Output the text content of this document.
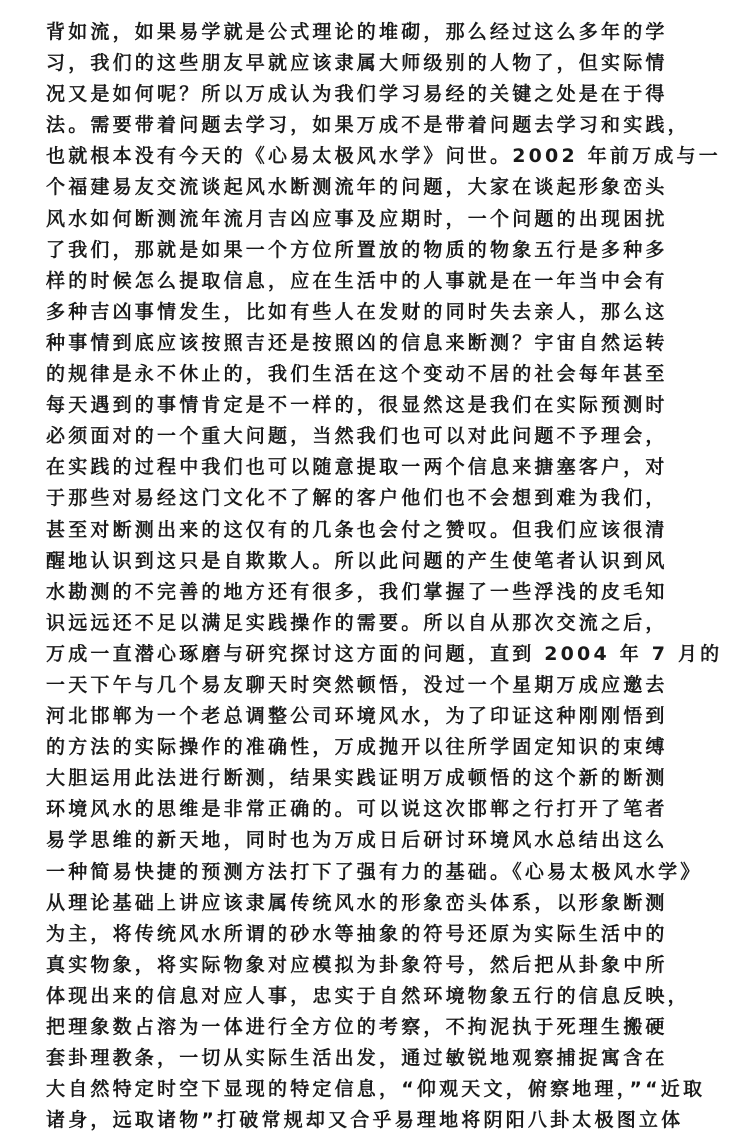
背如流，如果易学就是公式理论的堆砌，那么经过这么多年的学
习，我们的这些朋友早就应该隶属大师级别的人物了，但实际情
况又是如何呢？所以万成认为我们学习易经的关键之处是在于得
法。需要带着问题去学习，如果万成不是带着问题去学习和实践，
也就根本没有今天的《心易太极风水学》问世。2002 年前万成与一
个福建易友交流谈起风水断测流年的问题，大家在谈起形象峦头
风水如何断测流年流月吉凶应事及应期时，一个问题的出现困扰
了我们，那就是如果一个方位所置放的物质的物象五行是多种多
样的时候怎么提取信息，应在生活中的人事就是在一年当中会有
多种吉凶事情发生，比如有些人在发财的同时失去亲人，那么这
种事情到底应该按照吉还是按照凶的信息来断测？宇宙自然运转
的规律是永不休止的，我们生活在这个变动不居的社会每年甚至
每天遇到的事情肯定是不一样的，很显然这是我们在实际预测时
必须面对的一个重大问题，当然我们也可以对此问题不予理会，
在实践的过程中我们也可以随意提取一两个信息来搪塞客户，对
于那些对易经这门文化不了解的客户他们也不会想到难为我们，
甚至对断测出来的这仅有的几条也会付之赞叹。但我们应该很清
醒地认识到这只是自欺欺人。所以此问题的产生使笔者认识到风
水勘测的不完善的地方还有很多，我们掌握了一些浮浅的皮毛知
识远远还不足以满足实践操作的需要。所以自从那次交流之后，
万成一直潜心琢磨与研究探讨这方面的问题，直到 2004 年 7 月的
一天下午与几个易友聊天时突然顿悟，没过一个星期万成应邀去
河北邯郸为一个老总调整公司环境风水，为了印证这种刚刚悟到
的方法的实际操作的准确性，万成抛开以往所学固定知识的束缚
大胆运用此法进行断测，结果实践证明万成顿悟的这个新的断测
环境风水的思维是非常正确的。可以说这次邯郸之行打开了笔者
易学思维的新天地，同时也为万成日后研讨环境风水总结出这么
一种简易快捷的预测方法打下了强有力的基础。《心易太极风水学》
从理论基础上讲应该隶属传统风水的形象峦头体系，以形象断测
为主，将传统风水所谓的砂水等抽象的符号还原为实际生活中的
真实物象，将实际物象对应模拟为卦象符号，然后把从卦象中所
体现出来的信息对应人事，忠实于自然环境物象五行的信息反映，
把理象数占溶为一体进行全方位的考察，不拘泥执于死理生搬硬
套卦理教条，一切从实际生活出发，通过敏锐地观察捕捉寓含在
大自然特定时空下显现的特定信息，“仰观天文，俯察地理，”“近取
诸身，远取诸物”打破常规却又合乎易理地将阴阳八卦太极图立体
